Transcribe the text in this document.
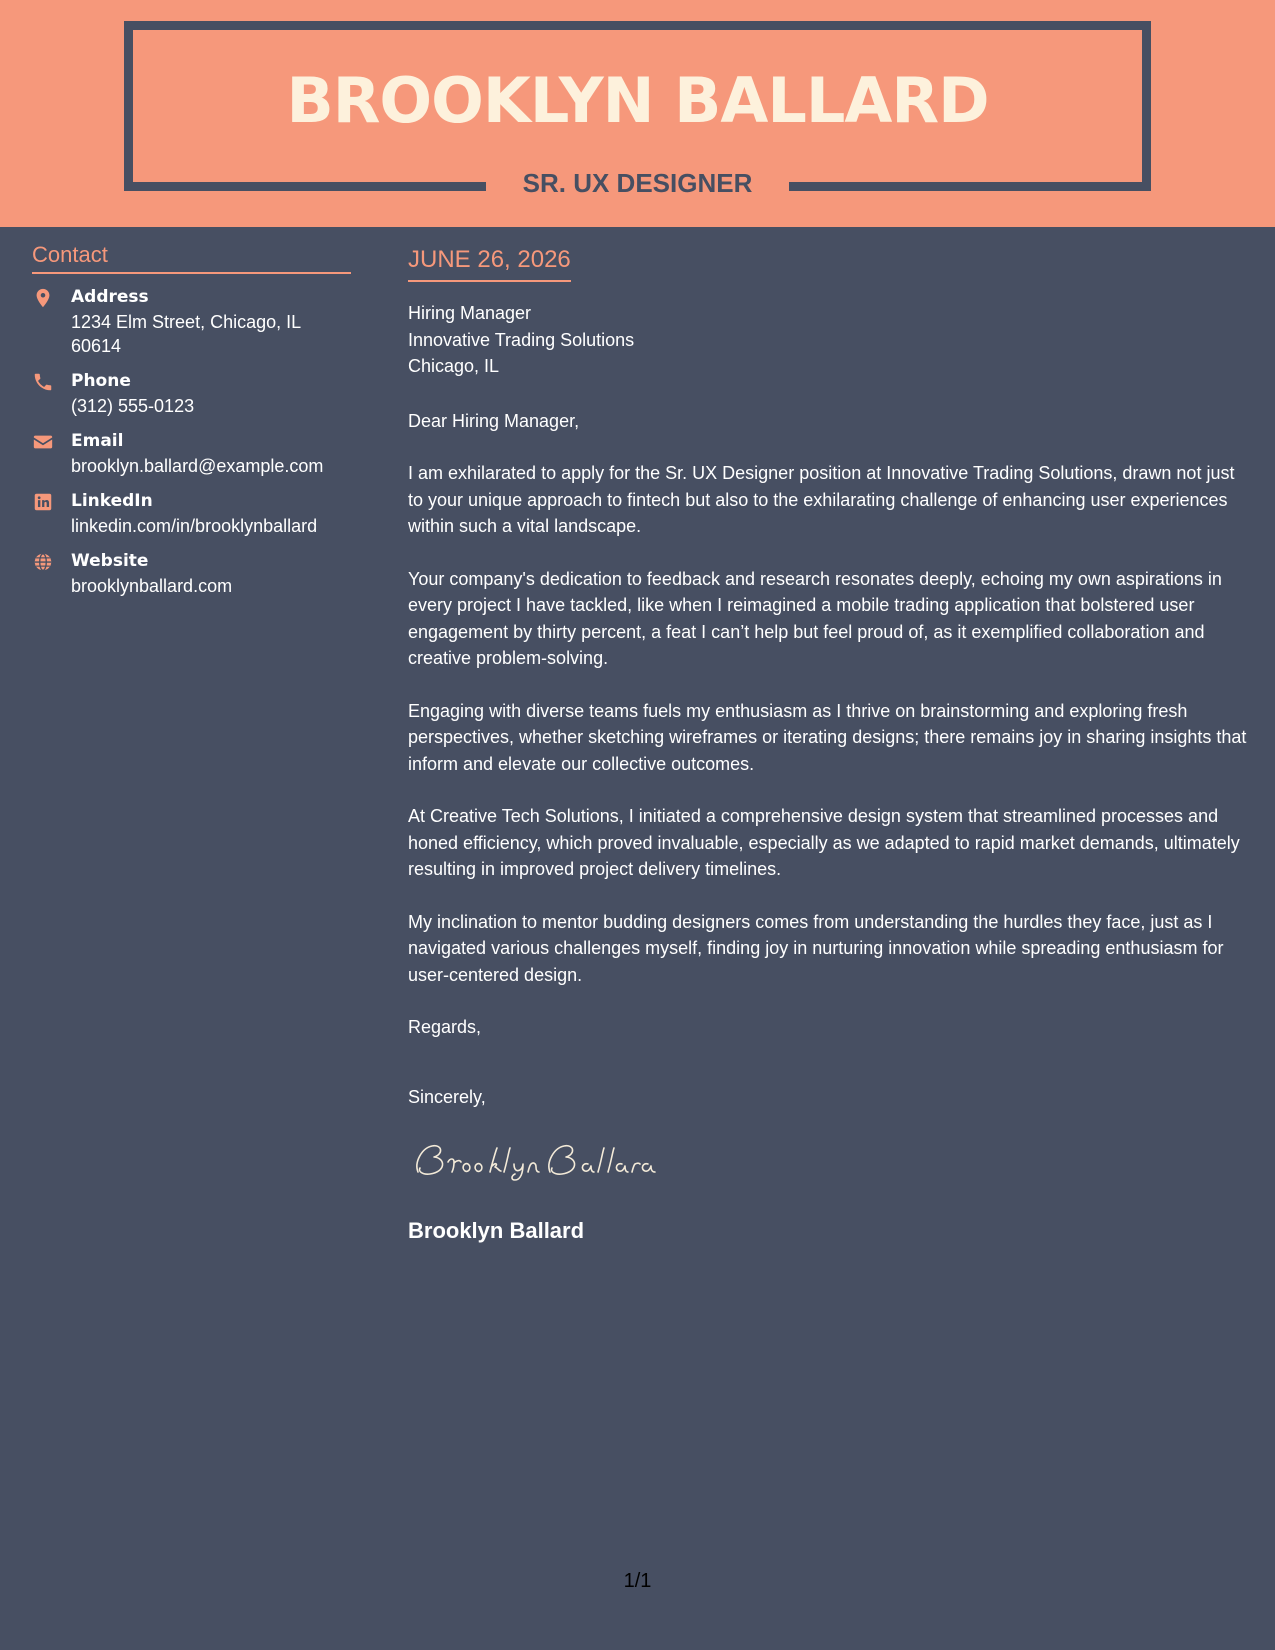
BROOKLYN BALLARD
SR. UX DESIGNER
Contact
Address
1234 Elm Street, Chicago, IL 60614
Phone
(312) 555-0123
Email
brooklyn.ballard@example.com
LinkedIn
linkedin.com/in/brooklynballard
Website
brooklynballard.com
JUNE 26, 2026
Hiring Manager
Innovative Trading Solutions
Chicago, IL
Dear Hiring Manager,
I am exhilarated to apply for the Sr. UX Designer position at Innovative Trading Solutions, drawn not just to your unique approach to fintech but also to the exhilarating challenge of enhancing user experiences within such a vital landscape.
Your company's dedication to feedback and research resonates deeply, echoing my own aspirations in every project I have tackled, like when I reimagined a mobile trading application that bolstered user engagement by thirty percent, a feat I can’t help but feel proud of, as it exemplified collaboration and creative problem-solving.
Engaging with diverse teams fuels my enthusiasm as I thrive on brainstorming and exploring fresh perspectives, whether sketching wireframes or iterating designs; there remains joy in sharing insights that inform and elevate our collective outcomes.
At Creative Tech Solutions, I initiated a comprehensive design system that streamlined processes and honed efficiency, which proved invaluable, especially as we adapted to rapid market demands, ultimately resulting in improved project delivery timelines.
My inclination to mentor budding designers comes from understanding the hurdles they face, just as I navigated various challenges myself, finding joy in nurturing innovation while spreading enthusiasm for user-centered design.
Regards,
Sincerely,
Brooklyn Ballard
1/1
